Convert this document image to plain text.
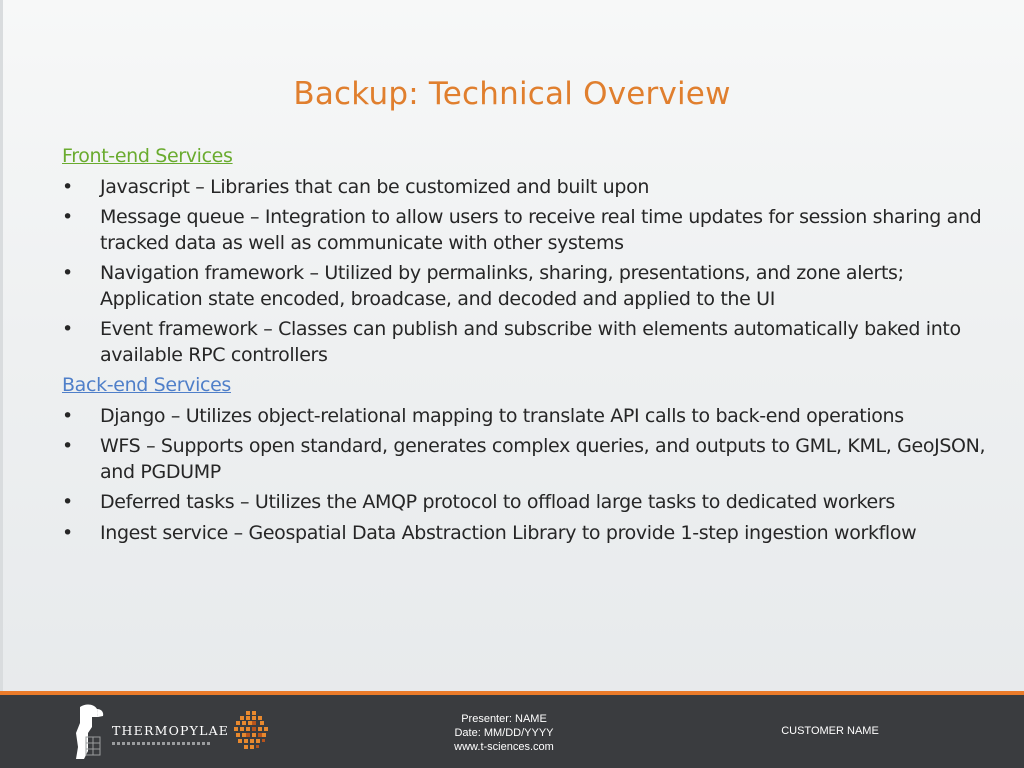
Backup: Technical Overview
Front-end Services
•	Javascript – Libraries that can be customized and built upon
•	Message queue – Integration to allow users to receive real time updates for session sharing and tracked data as well as communicate with other systems
•	Navigation framework – Utilized by permalinks, sharing, presentations, and zone alerts; Application state encoded, broadcase, and decoded and applied to the UI
•	Event framework – Classes can publish and subscribe with elements automatically baked into available RPC controllers
Back-end Services
•	Django – Utilizes object-relational mapping to translate API calls to back-end operations
•	WFS – Supports open standard, generates complex queries, and outputs to GML, KML, GeoJSON, and PGDUMP
•	Deferred tasks – Utilizes the AMQP protocol to offload large tasks to dedicated workers
•	Ingest service – Geospatial Data Abstraction Library to provide 1-step ingestion workflow
THERMOPYLAE
Presenter: NAME
Date: MM/DD/YYYY
www.t-sciences.com
CUSTOMER NAME
